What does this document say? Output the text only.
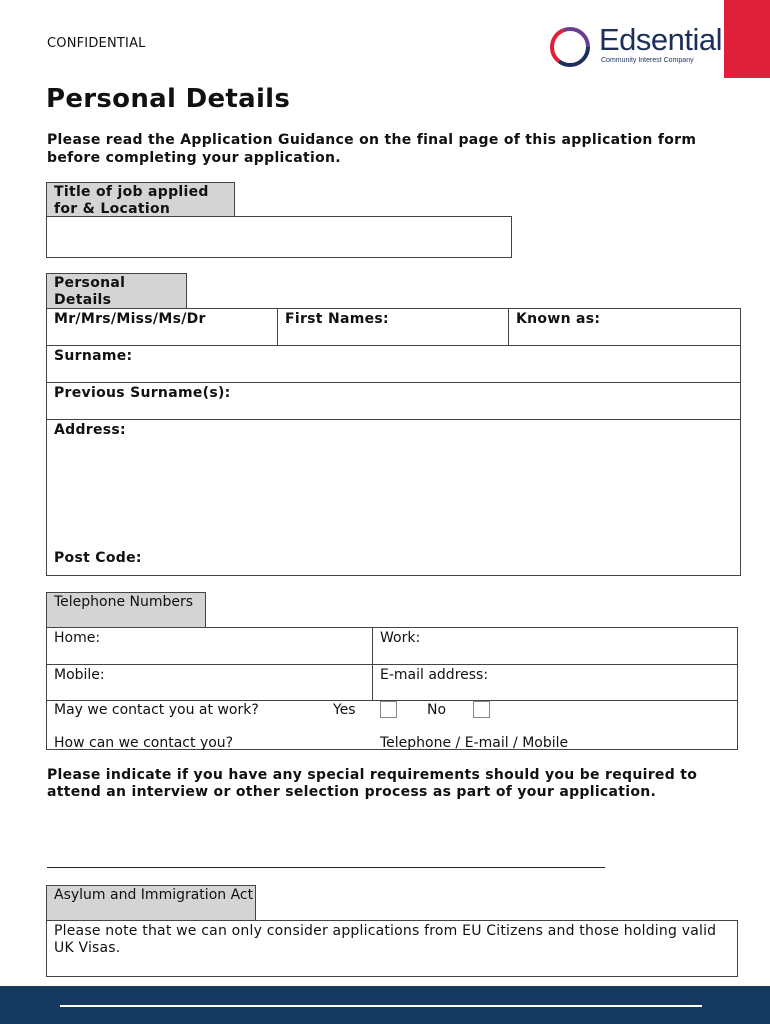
CONFIDENTIAL	Edsential
Community Interest Company
Personal Details
Please read the Application Guidance on the final page of this application form before completing your application.
Title of job applied for & Location
Personal Details
Mr/Mrs/Miss/Ms/Dr	First Names:	Known as:
Surname:
Previous Surname(s):
Address:
Post Code:
Telephone Numbers
Home:	Work:
Mobile:	E-mail address:
May we contact you at work?	Yes	No
How can we contact you?	Telephone / E-mail / Mobile
Please indicate if you have any special requirements should you be required to attend an interview or other selection process as part of your application.
Asylum and Immigration Act
Please note that we can only consider applications from EU Citizens and those holding valid UK Visas.
